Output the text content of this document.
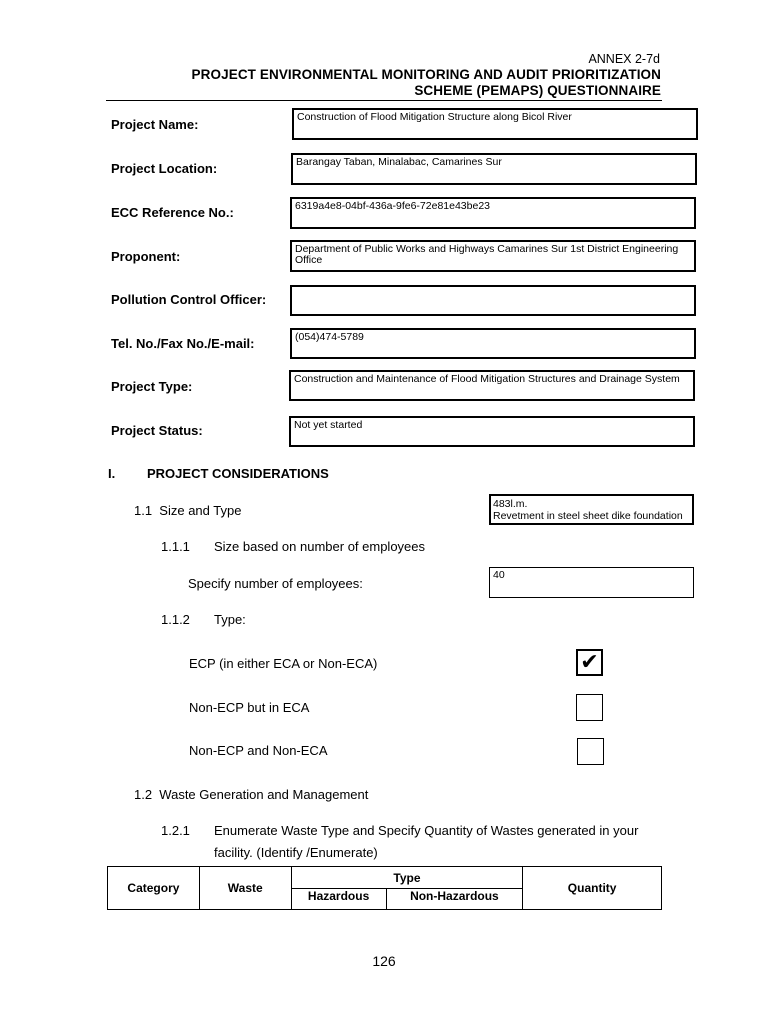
ANNEX 2-7d
PROJECT ENVIRONMENTAL MONITORING AND AUDIT PRIORITIZATION
SCHEME (PEMAPS) QUESTIONNAIRE
Project Name:	Construction of Flood Mitigation Structure along Bicol River
Project Location:	Barangay Taban, Minalabac, Camarines Sur
ECC Reference No.:	6319a4e8-04bf-436a-9fe6-72e81e43be23
Proponent:	Department of Public Works and Highways Camarines Sur 1st District Engineering Office
Pollution Control Officer:
Tel. No./Fax No./E-mail:	(054)474-5789
Project Type:	Construction and Maintenance of Flood Mitigation Structures and Drainage System
Project Status:	Not yet started
I. PROJECT CONSIDERATIONS
1.1  Size and Type	483l.m.
Revetment in steel sheet dike foundation
1.1.1 Size based on number of employees
Specify number of employees:
40
1.1.2 Type:
ECP (in either ECA or Non-ECA)	✔
Non-ECP but in ECA
Non-ECP and Non-ECA
1.2  Waste Generation and Management
1.2.1 Enumerate Waste Type and Specify Quantity of Wastes generated in your
facility. (Identify /Enumerate)
Category	Waste	Type		Quantity
		Hazardous	Non-Hazardous	
126
